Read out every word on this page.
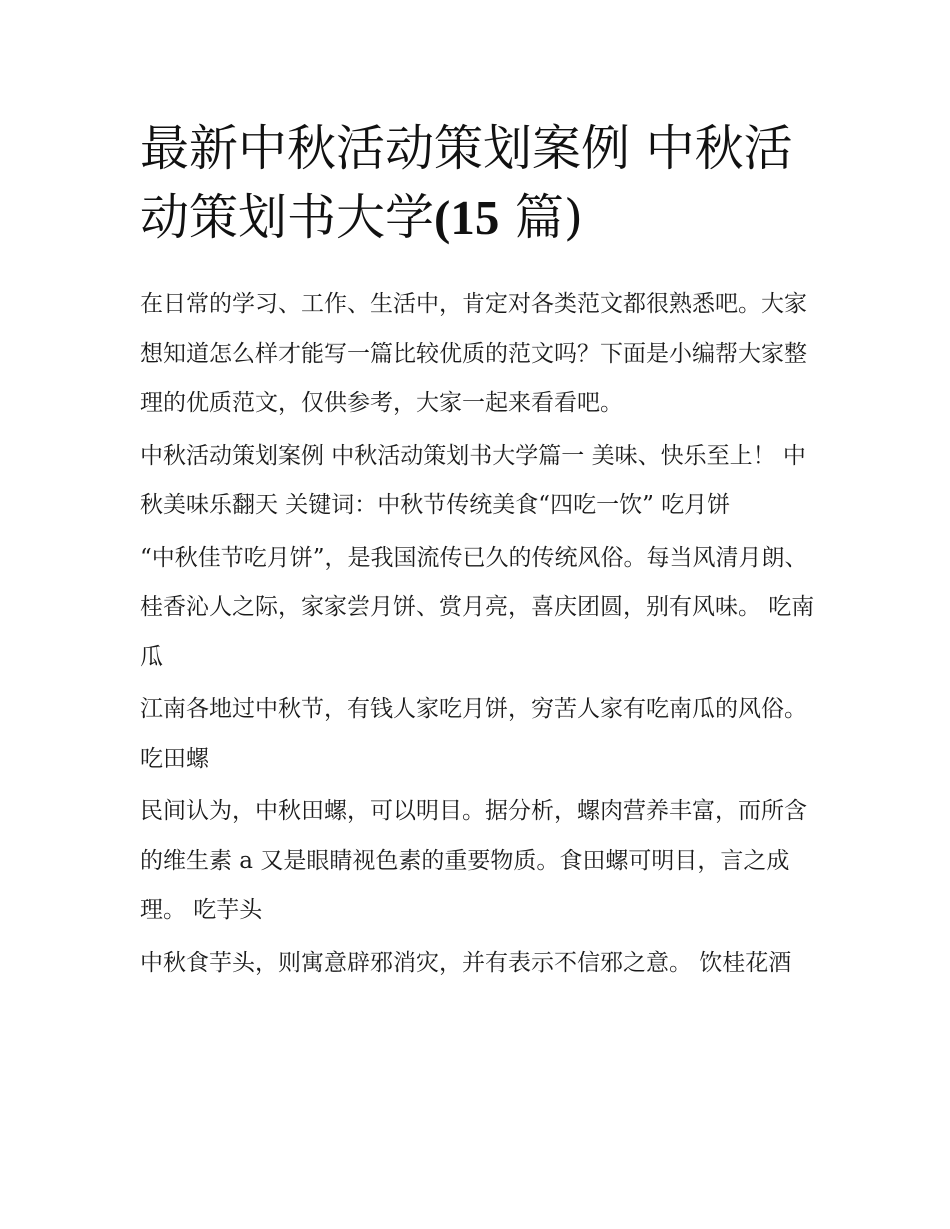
最新中秋活动策划案例 中秋活动策划书大学(15 篇)

在日常的学习、工作、生活中，肯定对各类范文都很熟悉吧。大家想知道怎么样才能写一篇比较优质的范文吗？下面是小编帮大家整理的优质范文，仅供参考，大家一起来看看吧。

中秋活动策划案例 中秋活动策划书大学篇一 美味、快乐至上！ 中秋美味乐翻天 关键词：中秋节传统美食“四吃一饮” 吃月饼

“中秋佳节吃月饼”，是我国流传已久的传统风俗。每当风清月朗、桂香沁人之际，家家尝月饼、赏月亮，喜庆团圆，别有风味。 吃南瓜

江南各地过中秋节，有钱人家吃月饼，穷苦人家有吃南瓜的风俗。 吃田螺

民间认为，中秋田螺，可以明目。据分析，螺肉营养丰富，而所含的维生素 a 又是眼睛视色素的重要物质。食田螺可明目，言之成理。 吃芋头

中秋食芋头，则寓意辟邪消灾，并有表示不信邪之意。 饮桂花酒
